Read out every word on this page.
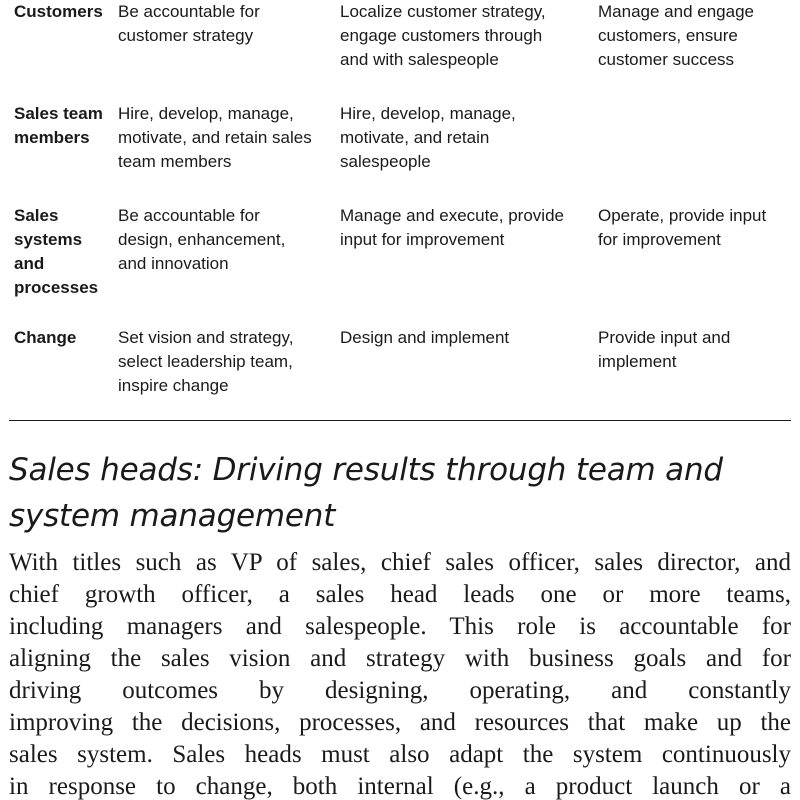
Customers Be accountable for
customer strategy
Localize customer strategy,
engage customers through
and with salespeople
Manage and engage
customers, ensure
customer success
Sales team
members
Hire, develop, manage,
motivate, and retain sales
team members
Hire, develop, manage,
motivate, and retain
salespeople
Sales
systems
and
processes
Be accountable for
design, enhancement,
and innovation
Manage and execute, provide
input for improvement
Operate, provide input
for improvement
Change Set vision and strategy,
select leadership team,
inspire change
Design and implement	Provide input and
implement
Sales heads: Driving results through team and
system management
With titles such as VP of sales, chief sales officer, sales director, and
chief growth officer, a sales head leads one or more teams,
including managers and salespeople. This role is accountable for
aligning the sales vision and strategy with business goals and for
driving outcomes by designing, operating, and constantly
improving the decisions, processes, and resources that make up the
sales system. Sales heads must also adapt the system continuously
in response to change, both internal (e.g., a product launch or a
